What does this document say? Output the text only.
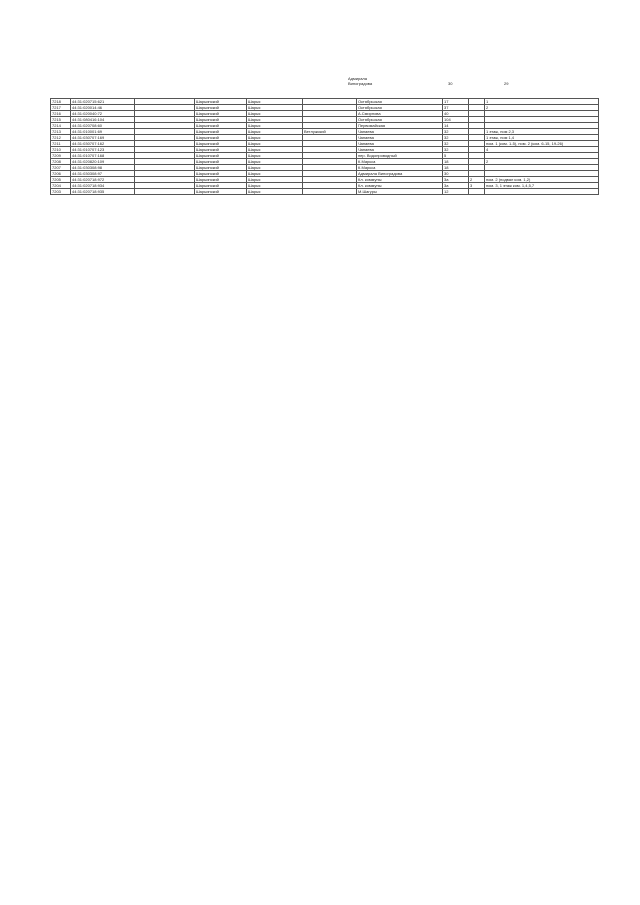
Адмирала
Виноградова	30	29
7218	44:31:020715:621		Шарьинский	Шарья		Октябрьская	17		1
7217	44:31:020014:46		Шарьинский	Шарья		Октябрьская	37		2
7216	44:31:020040:72		Шарьинский	Шарья		А.Смирнова	40		
7215	44:31:080416:104		Шарьинский	Шарья		Октябрьская	104		
7214	44:31:020708:60		Шарьинский	Шарья		Первомайская	14		
7213	44:31:010001:69		Шарьинский	Шарья	Ветлужский	Чапаева	32		1 этаж, пом 2,3
7212	44:31:030707:169		Шарьинский	Шарья		Чапаева	32		1 этаж, пом 1,4
7211	44:31:030707:162		Шарьинский	Шарья		Чапаева	32		пом. 1 (ком. 1-5), пом. 2 (ком. 6-15, 19-26)
7210	44:31:010707:123		Шарьинский	Шарья		Чапаева	32		4
7209	44:31:010707:168		Шарьинский	Шарья		пер. Водопроводный	5		
7208	44:31:020820:109		Шарьинский	Шарья		К.Маркса	18		2
7207	44:31:030308:98		Шарьинский	Шарья		К.Маркса	18		
7206	44:31:030308:97		Шарьинский	Шарья		Адмирала Виноградова	30		
7205	44:31:020718:972		Шарьинский	Шарья		Кл. коммуны	3а	2	пом. 2 (подвал ком. 1,2)
7204	44:31:020718:934		Шарьинский	Шарья		Кл. коммуны	3а	3	пом. 3, 1 этаж ком. 1,4,5,7
7203	44:31:020718:935		Шарьинский	Шарья		М.Шагуры	12		
